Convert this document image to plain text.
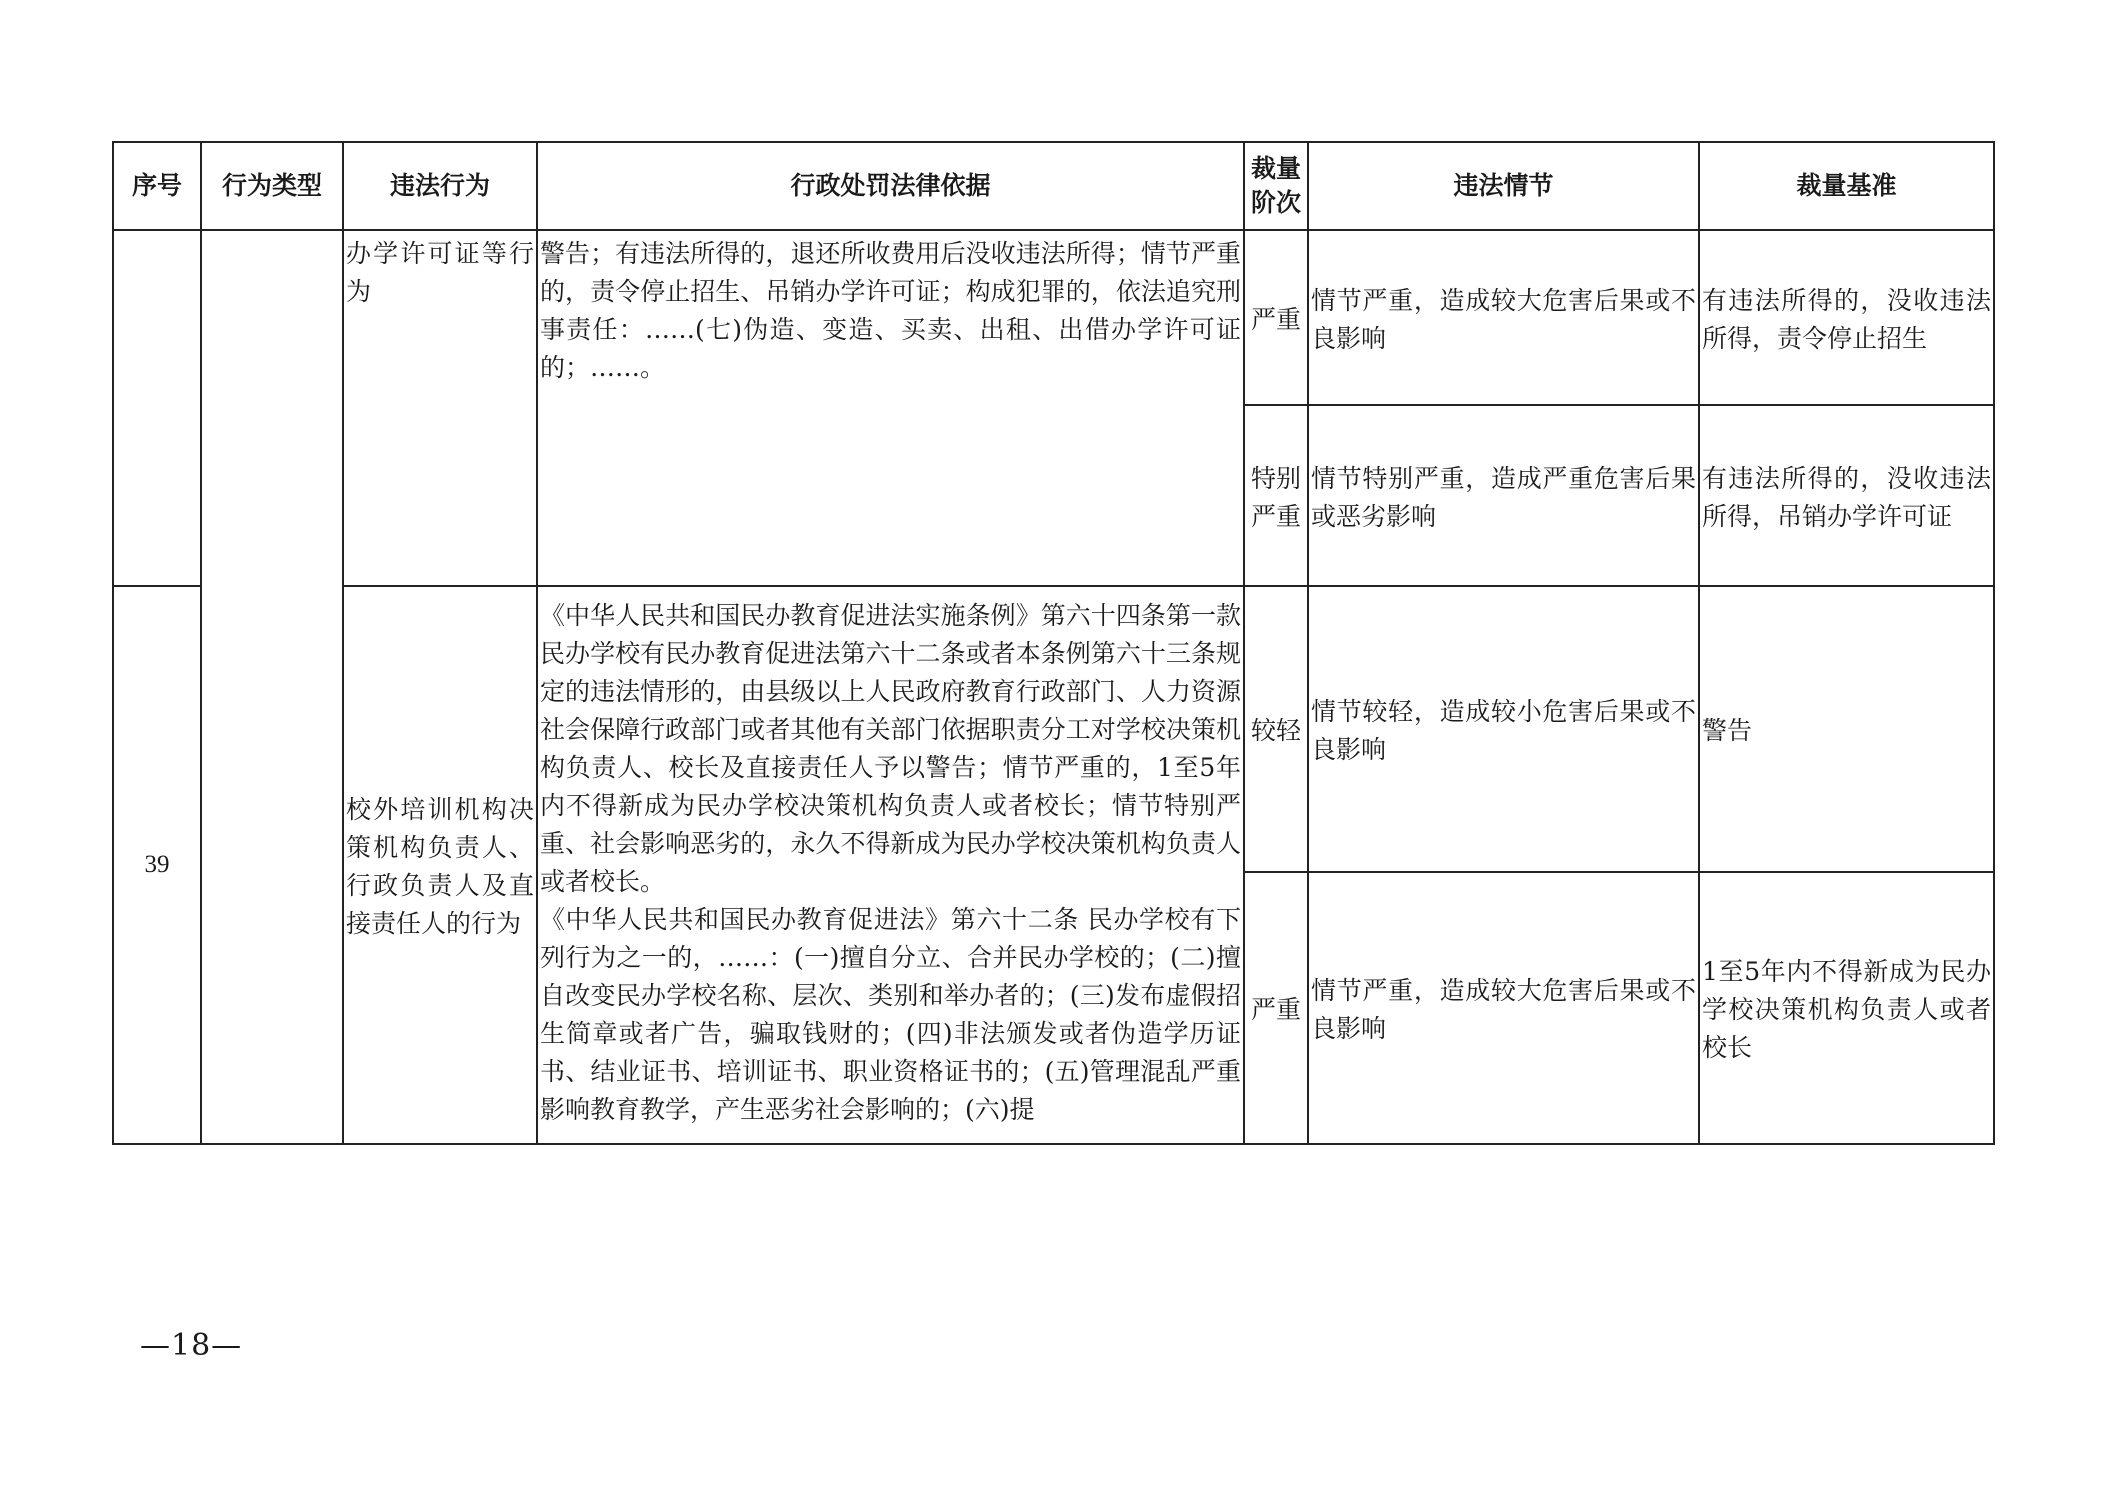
序号	行为类型	违法行为	行政处罚法律依据	裁量阶次	违法情节	裁量基准

		办学许可证等行为	警告；有违法所得的，退还所收费用后没收违法所得；情节严重的，责令停止招生、吊销办学许可证；构成犯罪的，依法追究刑事责任：……(七)伪造、变造、买卖、出租、出借办学许可证的；……。	严重	情节严重，造成较大危害后果或不良影响	有违法所得的，没收违法所得，责令停止招生

				特别严重	情节特别严重，造成严重危害后果或恶劣影响	有违法所得的，没收违法所得，吊销办学许可证

39		校外培训机构决策机构负责人、行政负责人及直接责任人的行为	《中华人民共和国民办教育促进法实施条例》第六十四条第一款 民办学校有民办教育促进法第六十二条或者本条例第六十三条规定的违法情形的，由县级以上人民政府教育行政部门、人力资源社会保障行政部门或者其他有关部门依据职责分工对学校决策机构负责人、校长及直接责任人予以警告；情节严重的，1至5年内不得新成为民办学校决策机构负责人或者校长；情节特别严重、社会影响恶劣的，永久不得新成为民办学校决策机构负责人或者校长。
《中华人民共和国民办教育促进法》第六十二条 民办学校有下列行为之一的，……：(一)擅自分立、合并民办学校的；(二)擅自改变民办学校名称、层次、类别和举办者的；(三)发布虚假招生简章或者广告，骗取钱财的；(四)非法颁发或者伪造学历证书、结业证书、培训证书、职业资格证书的；(五)管理混乱严重影响教育教学，产生恶劣社会影响的；(六)提	较轻	情节较轻，造成较小危害后果或不良影响	警告

				严重	情节严重，造成较大危害后果或不良影响	1至5年内不得新成为民办学校决策机构负责人或者校长
—18—
